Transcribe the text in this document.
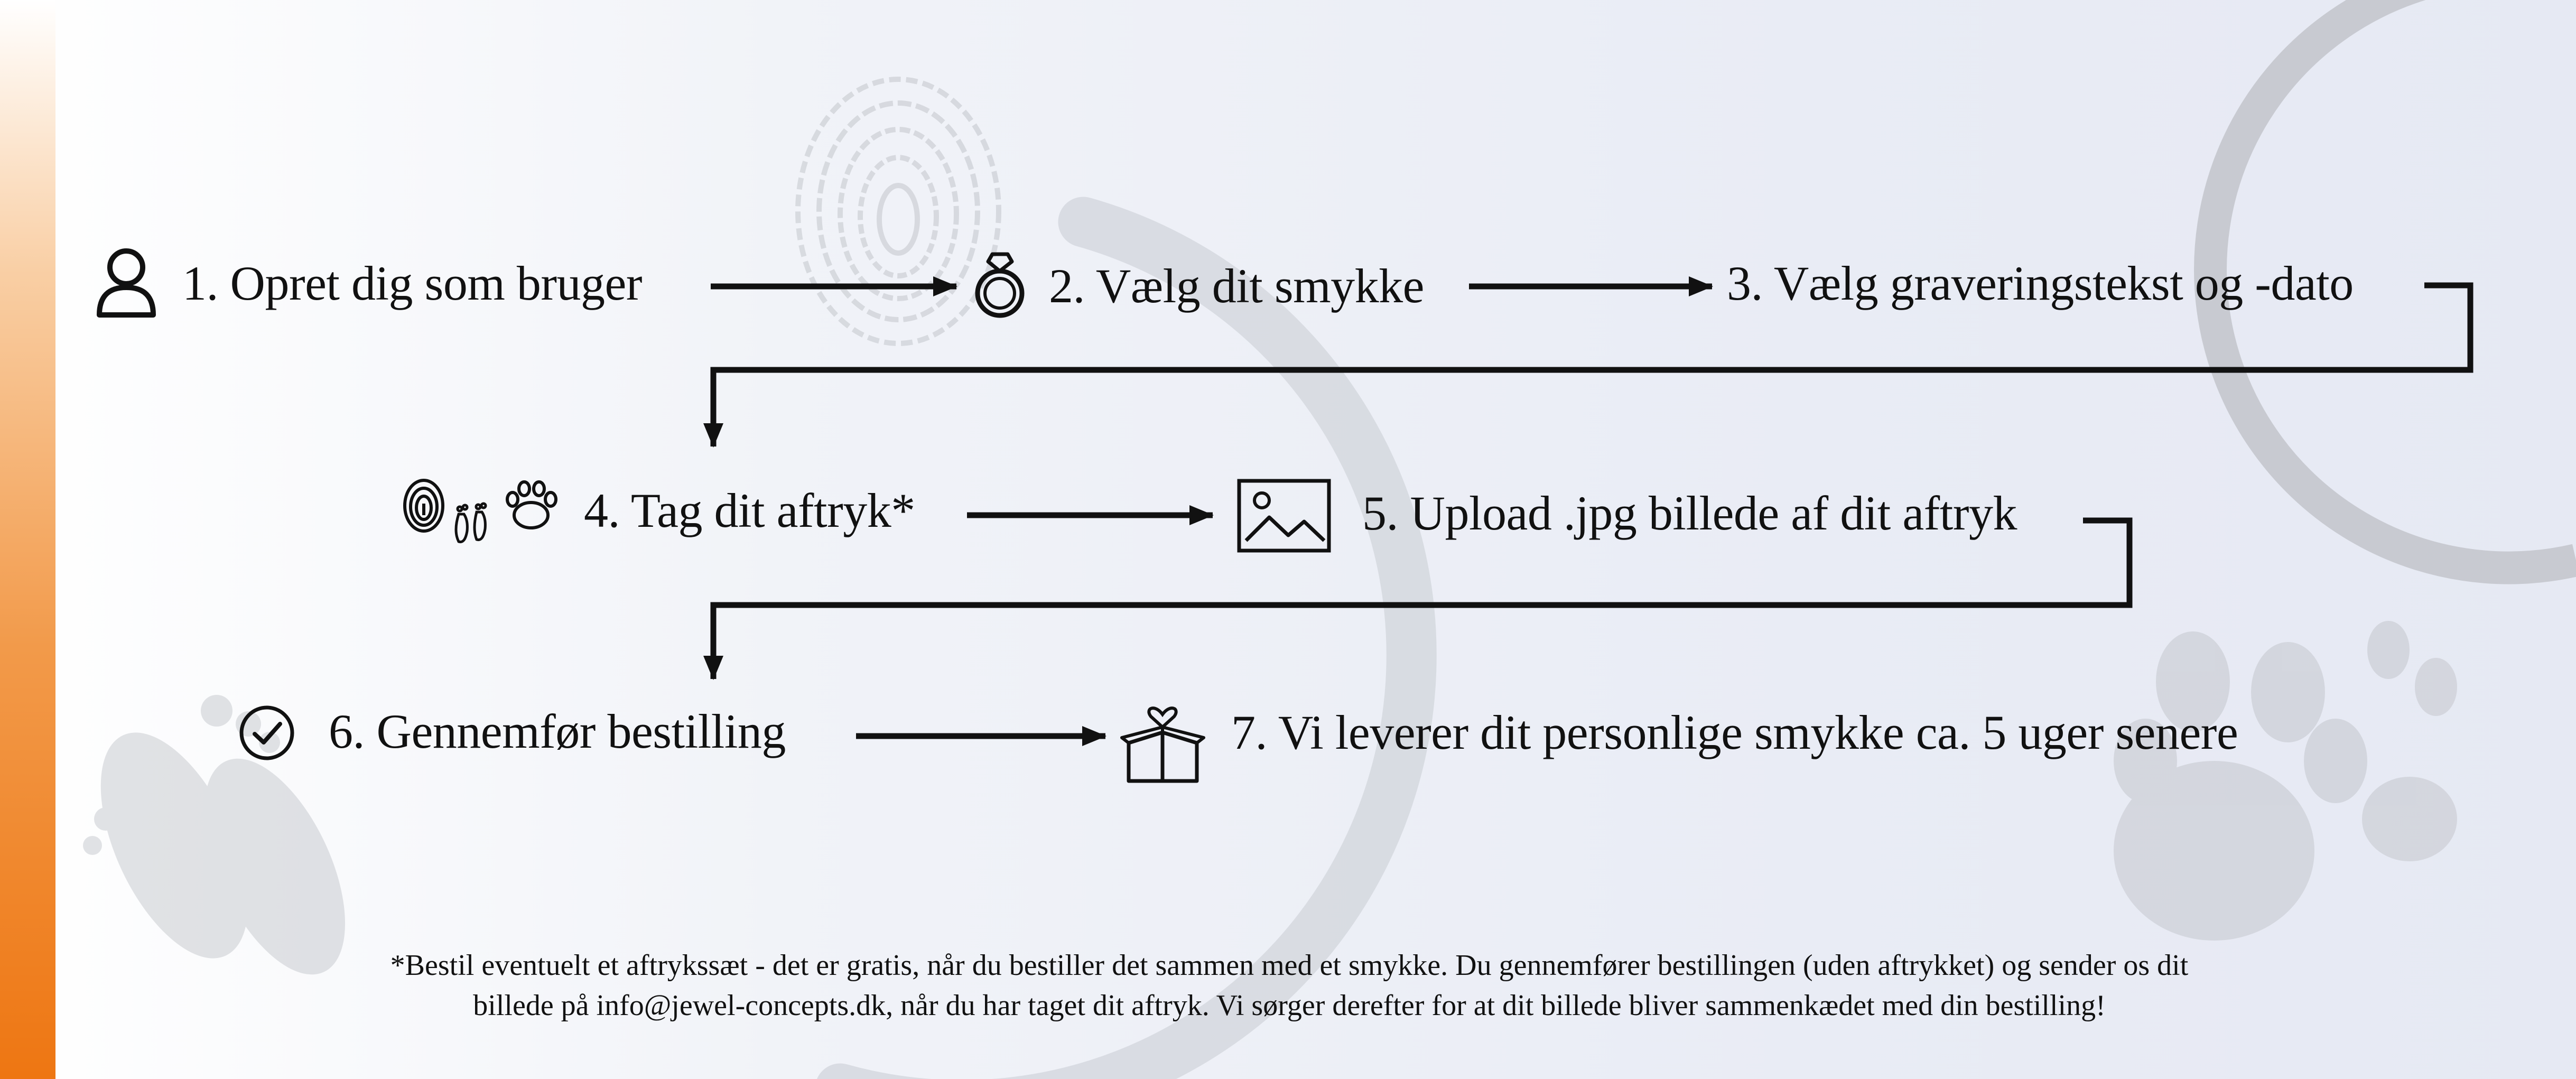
1. Opret dig som bruger	2. Vælg dit smykke	3. Vælg graveringstekst og -dato
4. Tag dit aftryk*	5. Upload .jpg billede af dit aftryk
6. Gennemfør bestilling	7. Vi leverer dit personlige smykke ca. 5 uger senere
*Bestil eventuelt et aftrykssæt - det er gratis, når du bestiller det sammen med et smykke. Du gennemfører bestillingen (uden aftrykket) og sender os dit
billede på info@jewel-concepts.dk, når du har taget dit aftryk. Vi sørger derefter for at dit billede bliver sammenkædet med din bestilling!
